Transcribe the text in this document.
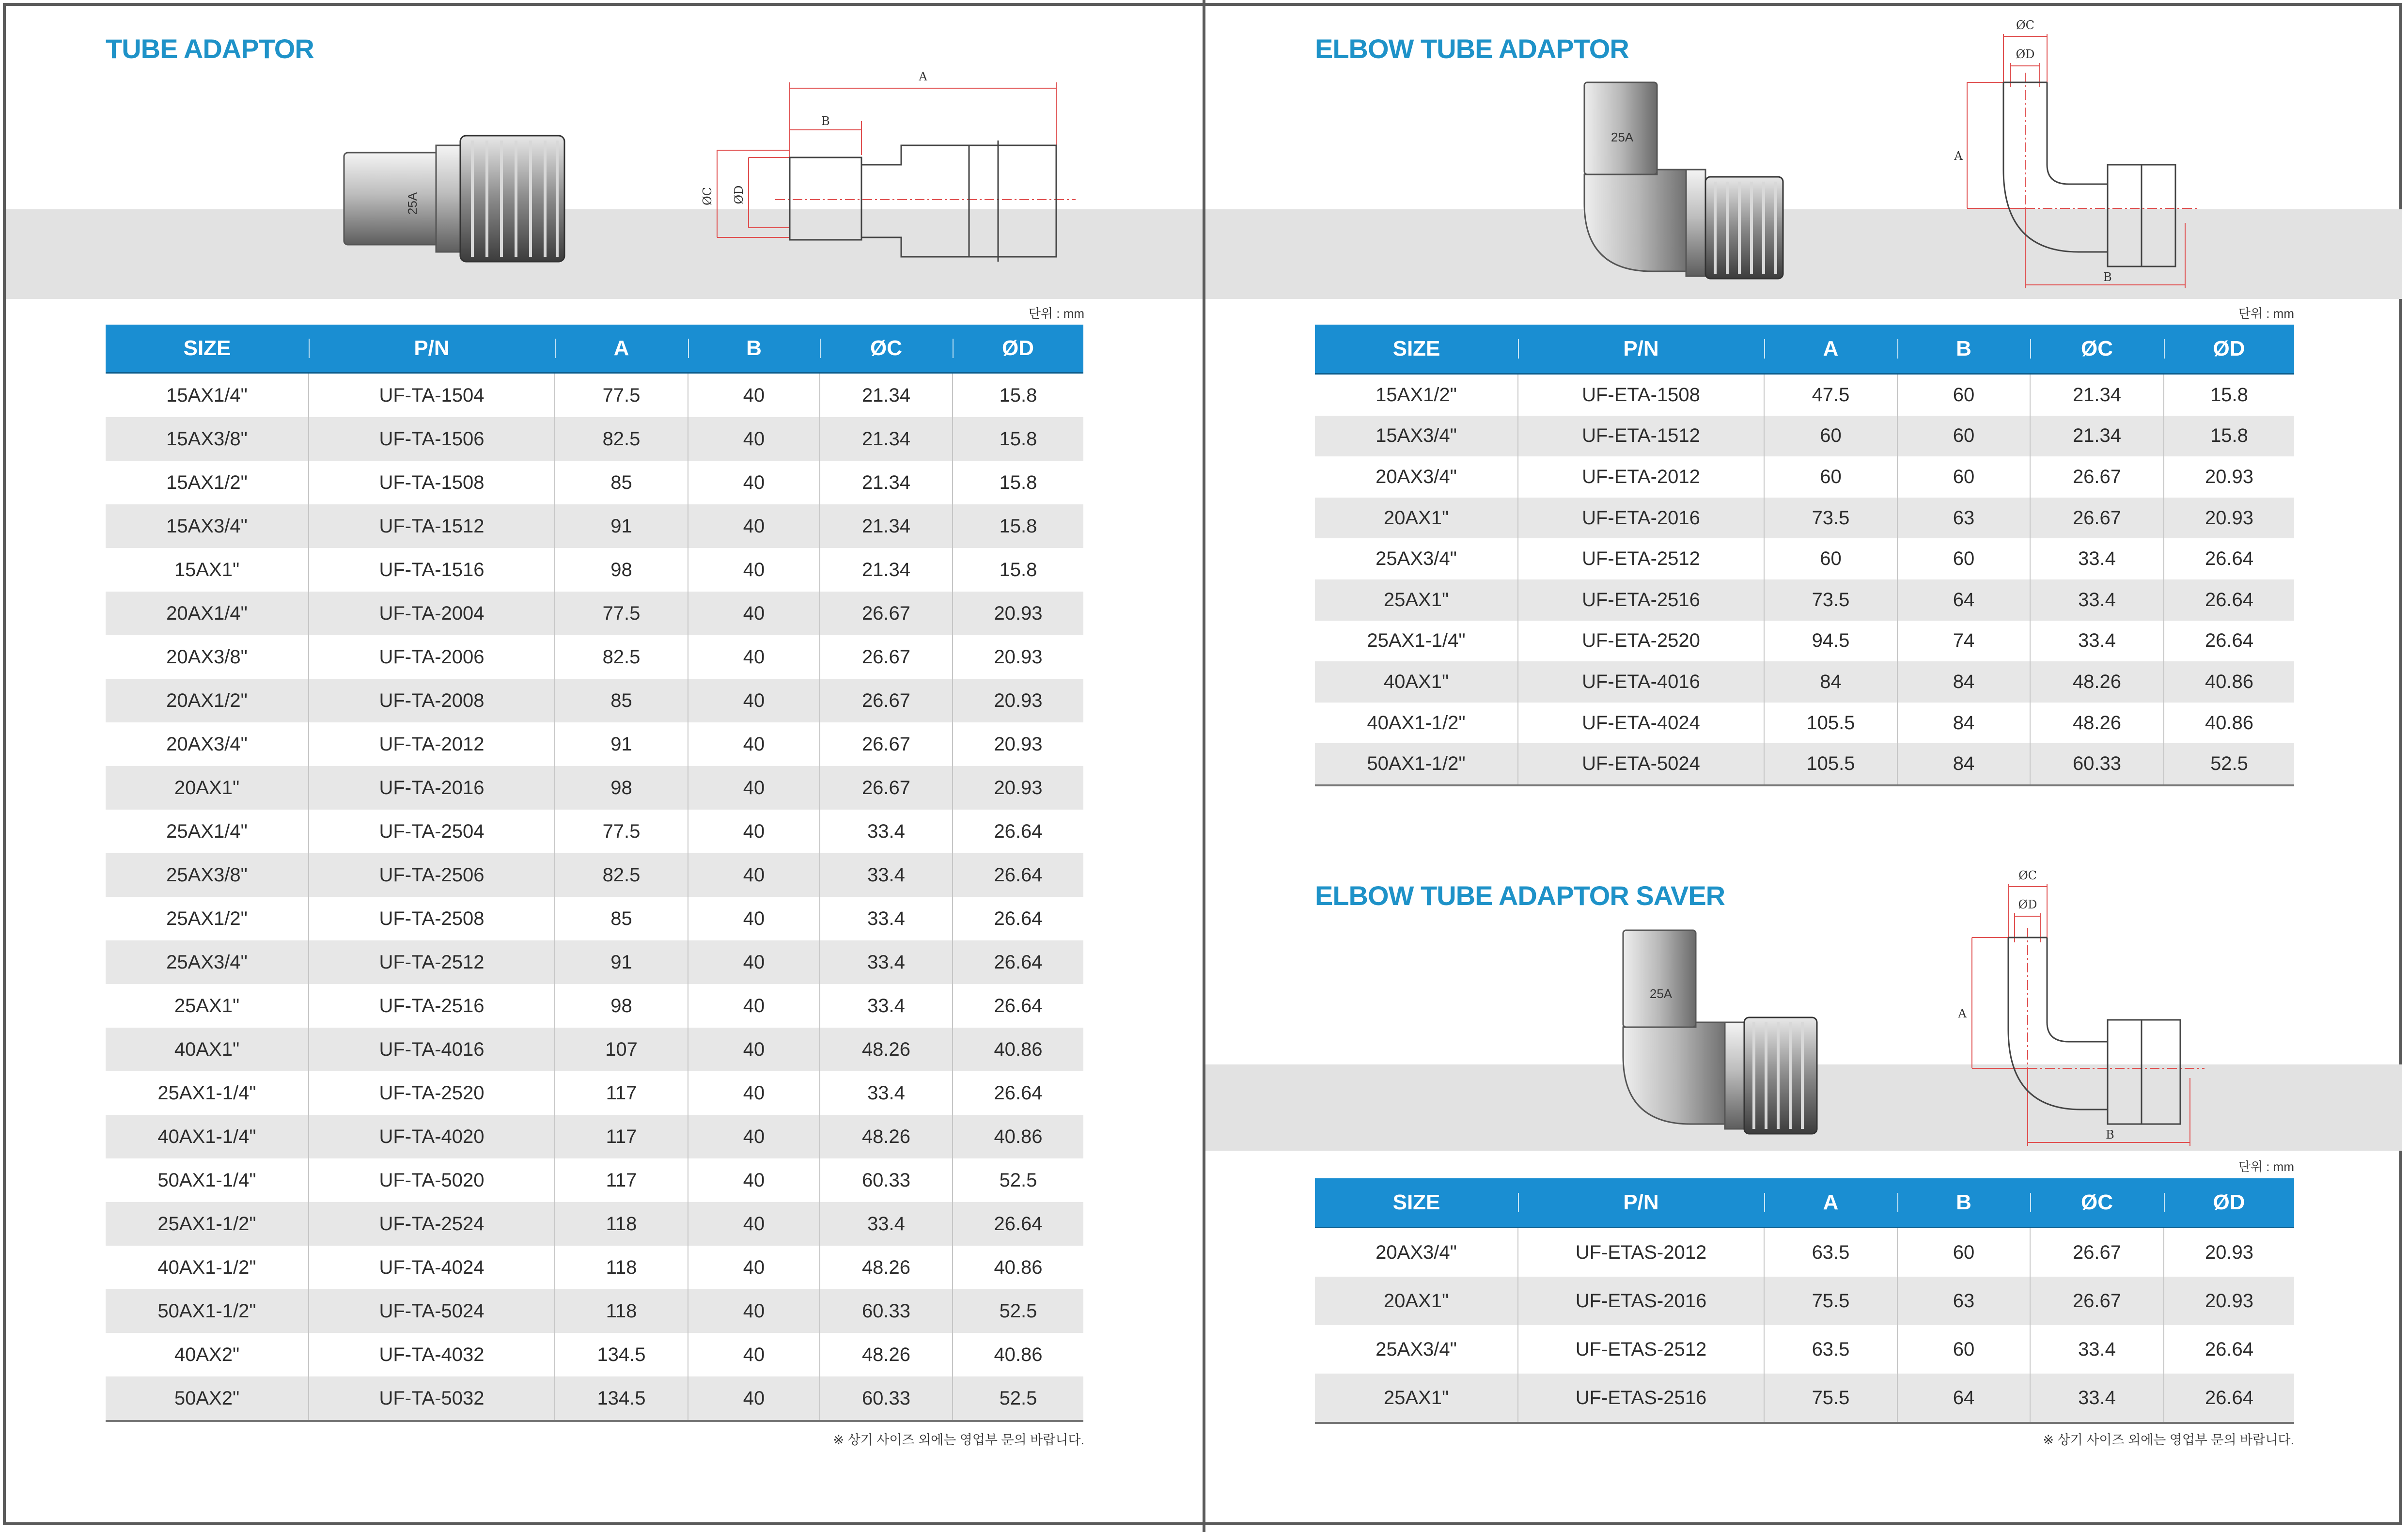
TUBE ADAPTOR
25A
A
B
ØC ØD
단위 : mm
SIZE	P/N	A	B	ØC	ØD
15AX1/4"	UF-TA-1504	77.5	40	21.34	15.8
15AX3/8"	UF-TA-1506	82.5	40	21.34	15.8
15AX1/2"	UF-TA-1508	85	40	21.34	15.8
15AX3/4"	UF-TA-1512	91	40	21.34	15.8
15AX1"	UF-TA-1516	98	40	21.34	15.8
20AX1/4"	UF-TA-2004	77.5	40	26.67	20.93
20AX3/8"	UF-TA-2006	82.5	40	26.67	20.93
20AX1/2"	UF-TA-2008	85	40	26.67	20.93
20AX3/4"	UF-TA-2012	91	40	26.67	20.93
20AX1"	UF-TA-2016	98	40	26.67	20.93
25AX1/4"	UF-TA-2504	77.5	40	33.4	26.64
25AX3/8"	UF-TA-2506	82.5	40	33.4	26.64
25AX1/2"	UF-TA-2508	85	40	33.4	26.64
25AX3/4"	UF-TA-2512	91	40	33.4	26.64
25AX1"	UF-TA-2516	98	40	33.4	26.64
40AX1"	UF-TA-4016	107	40	48.26	40.86
25AX1-1/4"	UF-TA-2520	117	40	33.4	26.64
40AX1-1/4"	UF-TA-4020	117	40	48.26	40.86
50AX1-1/4"	UF-TA-5020	117	40	60.33	52.5
25AX1-1/2"	UF-TA-2524	118	40	33.4	26.64
40AX1-1/2"	UF-TA-4024	118	40	48.26	40.86
50AX1-1/2"	UF-TA-5024	118	40	60.33	52.5
40AX2"	UF-TA-4032	134.5	40	48.26	40.86
50AX2"	UF-TA-5032	134.5	40	60.33	52.5
※ 상기 사이즈 외에는 영업부 문의 바랍니다.
ELBOW TUBE ADAPTOR
25A
ØC
ØD
A
B
단위 : mm
SIZE	P/N	A	B	ØC	ØD
15AX1/2"	UF-ETA-1508	47.5	60	21.34	15.8
15AX3/4"	UF-ETA-1512	60	60	21.34	15.8
20AX3/4"	UF-ETA-2012	60	60	26.67	20.93
20AX1"	UF-ETA-2016	73.5	63	26.67	20.93
25AX3/4"	UF-ETA-2512	60	60	33.4	26.64
25AX1"	UF-ETA-2516	73.5	64	33.4	26.64
25AX1-1/4"	UF-ETA-2520	94.5	74	33.4	26.64
40AX1"	UF-ETA-4016	84	84	48.26	40.86
40AX1-1/2"	UF-ETA-4024	105.5	84	48.26	40.86
50AX1-1/2"	UF-ETA-5024	105.5	84	60.33	52.5
ELBOW TUBE ADAPTOR SAVER
25A
ØC
ØD
A
B
단위 : mm
SIZE	P/N	A	B	ØC	ØD
20AX3/4"	UF-ETAS-2012	63.5	60	26.67	20.93
20AX1"	UF-ETAS-2016	75.5	63	26.67	20.93
25AX3/4"	UF-ETAS-2512	63.5	60	33.4	26.64
25AX1"	UF-ETAS-2516	75.5	64	33.4	26.64
※ 상기 사이즈 외에는 영업부 문의 바랍니다.
